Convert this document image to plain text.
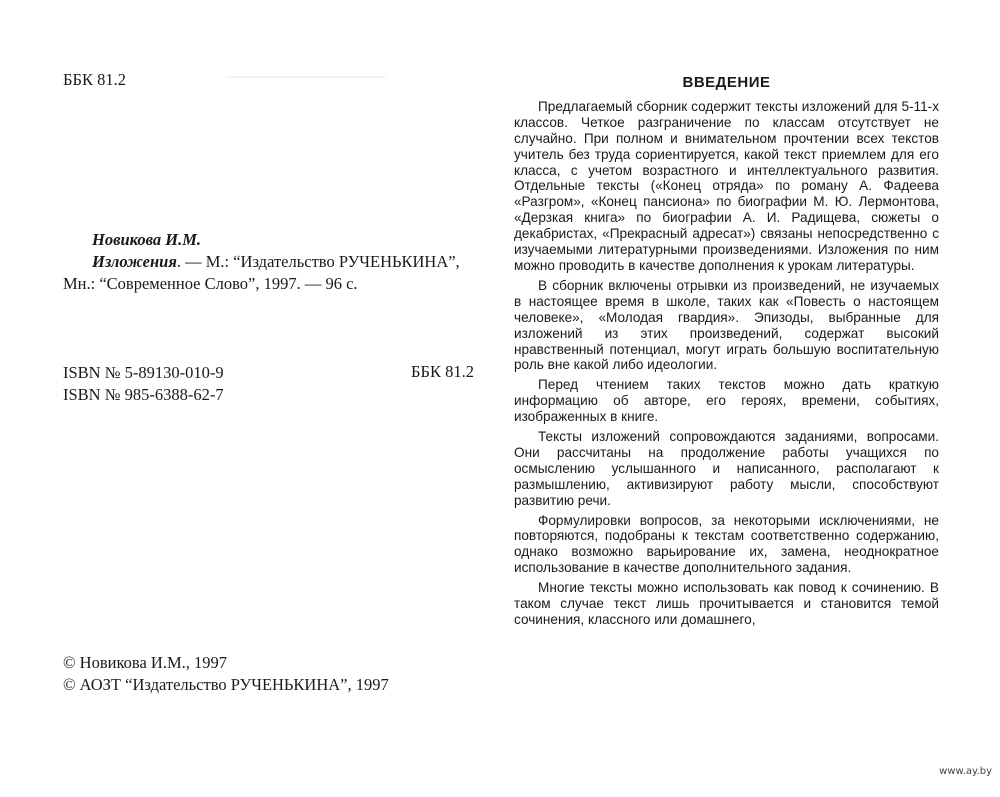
ББК 81.2
Новикова И.М.
Изложения. — М.: “Издательство РУЧЕНЬКИНА”,
Мн.: “Современное Слово”, 1997. — 96 с.
ISBN № 5-89130-010-9
ISBN № 985-6388-62-7
ББК 81.2
© Новикова И.М., 1997
© АОЗТ “Издательство РУЧЕНЬКИНА”, 1997
ВВЕДЕНИЕ

Предлагаемый сборник содержит тексты изложений для 5-11-х классов. Четкое разграничение по классам отсутствует не случайно. При полном и внимательном прочтении всех текстов учитель без труда сориентируется, какой текст приемлем для его класса, с учетом возрастного и интеллектуального развития. Отдельные тексты («Конец отряда» по роману А. Фадеева «Разгром», «Конец пансиона» по биографии М. Ю. Лермонтова, «Дерзкая книга» по биографии А. И. Радищева, сюжеты о декабристах, «Прекрасный адресат») связаны непосредственно с изучаемыми литературными произведениями. Изложения по ним можно проводить в качестве дополнения к урокам литературы.

В сборник включены отрывки из произведений, не изучаемых в настоящее время в школе, таких как «Повесть о настоящем человеке», «Молодая гвардия». Эпизоды, выбранные для изложений из этих произведений, содержат высокий нравственный потенциал, могут играть большую воспитательную роль вне какой либо идеологии.

Перед чтением таких текстов можно дать краткую информацию об авторе, его героях, времени, событиях, изображенных в книге.

Тексты изложений сопровождаются заданиями, вопросами. Они рассчитаны на продолжение работы учащихся по осмыслению услышанного и написанного, располагают к размышлению, активизируют работу мысли, способствуют развитию речи.

Формулировки вопросов, за некоторыми исключениями, не повторяются, подобраны к текстам соответственно содержанию, однако возможно варьирование их, замена, неоднократное использование в качестве дополнительного задания.

Многие тексты можно использовать как повод к сочинению. В таком случае текст лишь прочитывается и становится темой сочинения, классного или домашнего,

www.ay.by
